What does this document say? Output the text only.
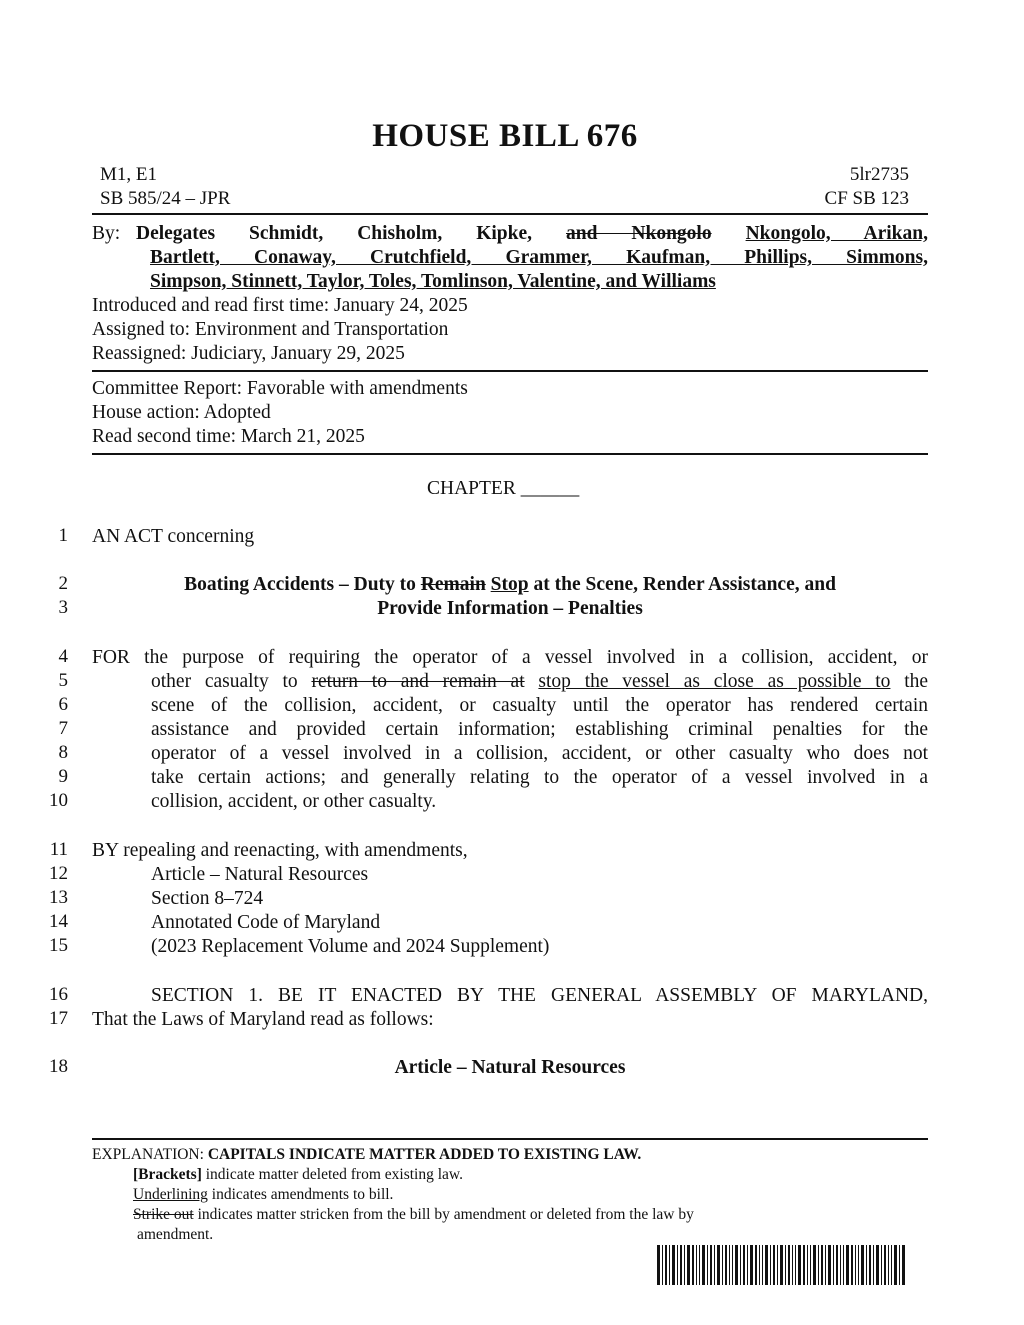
HOUSE BILL 676
M1, E1
SB 585/24 – JPR
5lr2735
CF SB 123
By: Delegates Schmidt, Chisholm, Kipke, and Nkongolo Nkongolo, Arikan,
Bartlett, Conaway, Crutchfield, Grammer, Kaufman, Phillips, Simmons,
Simpson, Stinnett, Taylor, Toles, Tomlinson, Valentine, and Williams
Introduced and read first time: January 24, 2025
Assigned to: Environment and Transportation
Reassigned: Judiciary, January 29, 2025
Committee Report: Favorable with amendments
House action: Adopted
Read second time: March 21, 2025
CHAPTER ______
1
2
3
4
5
6
7
8
9
10
11
12
13
14
15
16
17
18
AN ACT concerning
Boating Accidents – Duty to Remain Stop at the Scene, Render Assistance, and
Provide Information – Penalties
FOR the purpose of requiring the operator of a vessel involved in a collision, accident, or
other casualty to return to and remain at stop the vessel as close as possible to the
scene of the collision, accident, or casualty until the operator has rendered certain
assistance and provided certain information; establishing criminal penalties for the
operator of a vessel involved in a collision, accident, or other casualty who does not
take certain actions; and generally relating to the operator of a vessel involved in a
collision, accident, or other casualty.
BY repealing and reenacting, with amendments,
Article – Natural Resources
Section 8–724
Annotated Code of Maryland
(2023 Replacement Volume and 2024 Supplement)
SECTION 1. BE IT ENACTED BY THE GENERAL ASSEMBLY OF MARYLAND,
That the Laws of Maryland read as follows:
Article – Natural Resources
EXPLANATION: CAPITALS INDICATE MATTER ADDED TO EXISTING LAW.
[Brackets] indicate matter deleted from existing law.
Underlining indicates amendments to bill.
Strike out indicates matter stricken from the bill by amendment or deleted from the law by
amendment.
